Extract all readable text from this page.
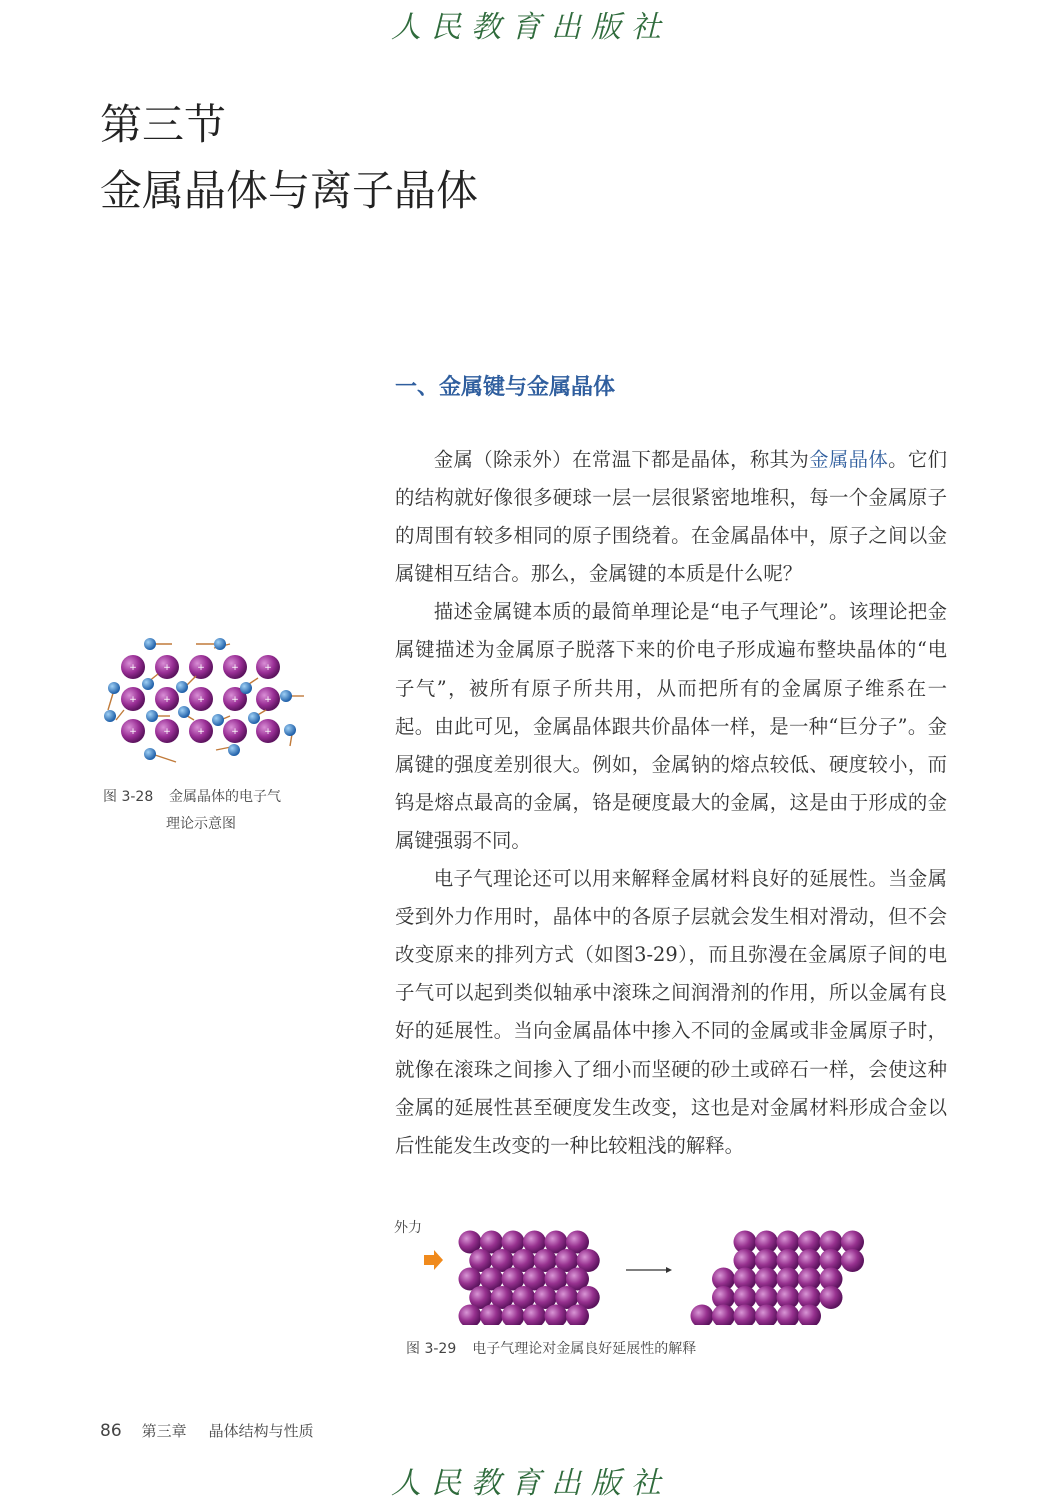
人民教育出版社
第三节
金属晶体与离子晶体
一、金属键与金属晶体

金属（除汞外）在常温下都是晶体，称其为金属晶体。它们的结构就好像很多硬球一层一层很紧密地堆积，每一个金属原子的周围有较多相同的原子围绕着。在金属晶体中，原子之间以金属键相互结合。那么，金属键的本质是什么呢？

描述金属键本质的最简单理论是“电子气理论”。该理论把金属键描述为金属原子脱落下来的价电子形成遍布整块晶体的“电子气”，被所有原子所共用，从而把所有的金属原子维系在一起。由此可见，金属晶体跟共价晶体一样，是一种“巨分子”。金属键的强度差别很大。例如，金属钠的熔点较低、硬度较小，而钨是熔点最高的金属，铬是硬度最大的金属，这是由于形成的金属键强弱不同。

电子气理论还可以用来解释金属材料良好的延展性。当金属受到外力作用时，晶体中的各原子层就会发生相对滑动，但不会改变原来的排列方式（如图3-29），而且弥漫在金属原子间的电子气可以起到类似轴承中滚珠之间润滑剂的作用，所以金属有良好的延展性。当向金属晶体中掺入不同的金属或非金属原子时，就像在滚珠之间掺入了细小而坚硬的砂土或碎石一样，会使这种金属的延展性甚至硬度发生改变，这也是对金属材料形成合金以后性能发生改变的一种比较粗浅的解释。

+	+	+	+	+
+	+	+	+	+
+	+	+	+	+
图 3-28 金属晶体的电子气
理论示意图
外力
图 3-29 电子气理论对金属良好延展性的解释
86 第三章 晶体结构与性质
人民教育出版社
